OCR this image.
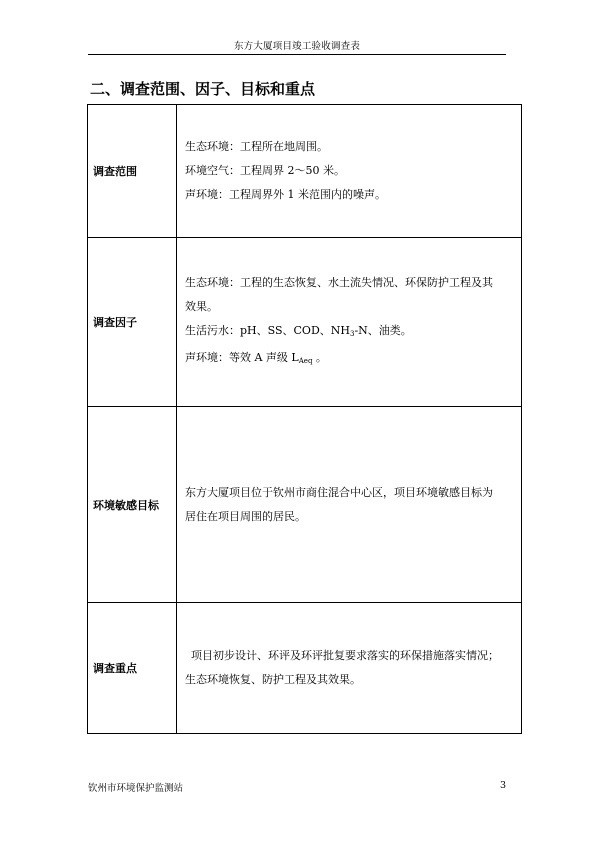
东方大厦项目竣工验收调查表
二、调查范围、因子、目标和重点
调查范围	生态环境：工程所在地周围。

环境空气：工程周界 2～50 米。

声环境：工程周界外 1 米范围内的噪声。

调查因子	生态环境：工程的生态恢复、水土流失情况、环保防护工程及其

效果。

生活污水：pH、SS、COD、$NH_3-N$、油类。

声环境：等效 A 声级 $L_{Aeq}$ 。

环境敏感目标	东方大厦项目位于钦州市商住混合中心区，项目环境敏感目标为

居住在项目周围的居民。

调查重点	项目初步设计、环评及环评批复要求落实的环保措施落实情况；

生态环境恢复、防护工程及其效果。

钦州市环境保护监测站	3
